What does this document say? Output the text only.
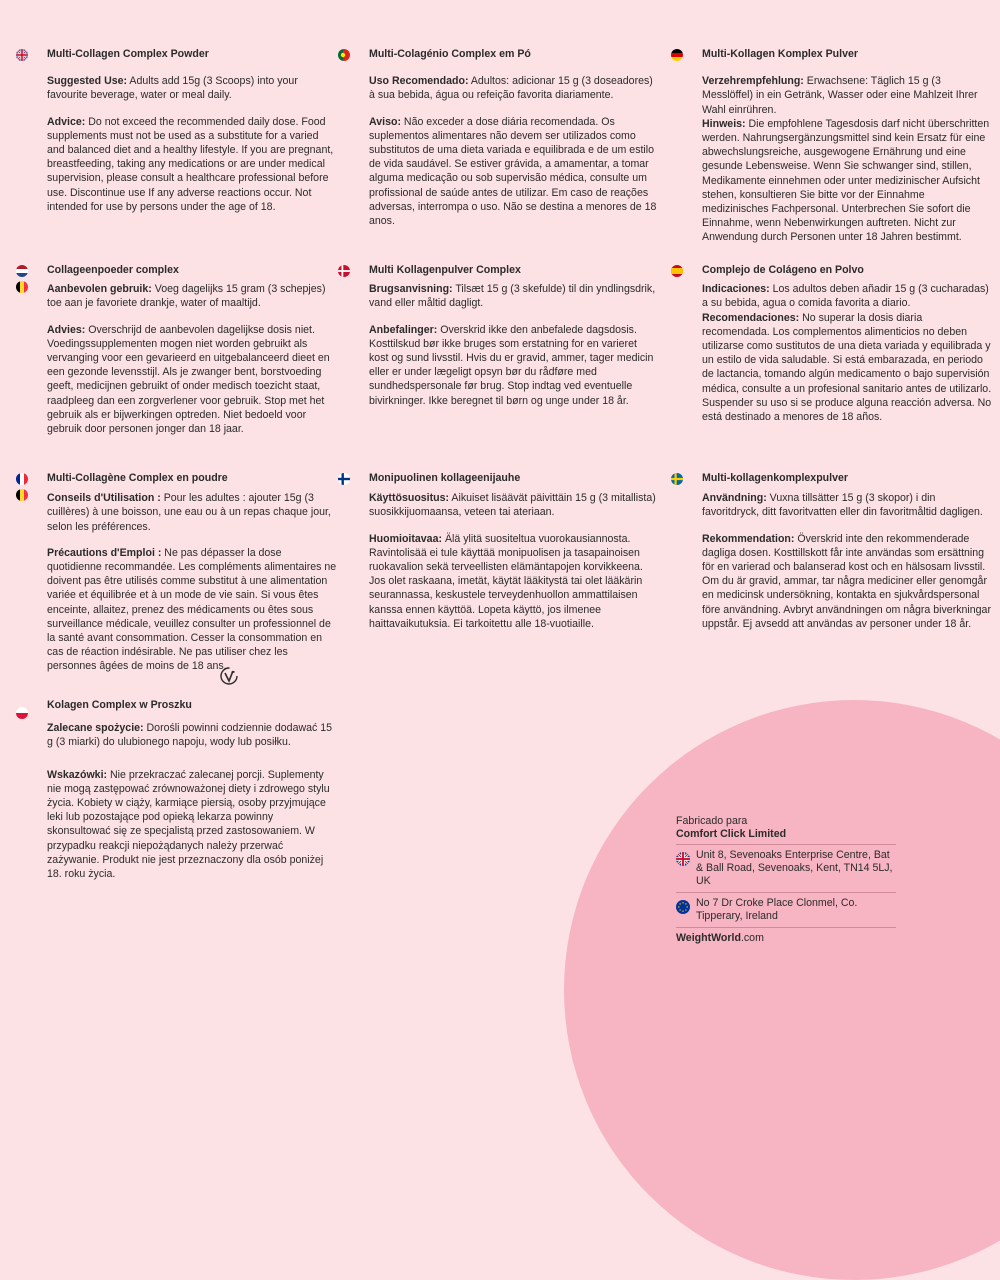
Multi-Collagen Complex Powder

Suggested Use: Adults add 15g (3 Scoops) into your favourite beverage, water or meal daily.

Advice: Do not exceed the recommended daily dose. Food supplements must not be used as a substitute for a varied and balanced diet and a healthy lifestyle. If you are pregnant, breastfeeding, taking any medications or are under medical supervision, please consult a healthcare professional before use. Discontinue use If any adverse reactions occur. Not intended for use by persons under the age of 18.

Multi-Colagénio Complex em Pó

Uso Recomendado: Adultos: adicionar 15 g (3 doseadores) à sua bebida, água ou refeição favorita diariamente.

Aviso: Não exceder a dose diária recomendada. Os suplementos alimentares não devem ser utilizados como substitutos de uma dieta variada e equilibrada e de um estilo de vida saudável. Se estiver grávida, a amamentar, a tomar alguma medicação ou sob supervisão médica, consulte um profissional de saúde antes de utilizar. Em caso de reações adversas, interrompa o uso. Não se destina a menores de 18 anos.

Multi-Kollagen Komplex Pulver

Verzehrempfehlung: Erwachsene: Täglich 15 g (3 Messlöffel) in ein Getränk, Wasser oder eine Mahlzeit Ihrer Wahl einrühren.

Hinweis: Die empfohlene Tagesdosis darf nicht überschritten werden. Nahrungsergänzungsmittel sind kein Ersatz für eine abwechslungsreiche, ausgewogene Ernährung und eine gesunde Lebensweise. Wenn Sie schwanger sind, stillen, Medikamente einnehmen oder unter medizinischer Aufsicht stehen, konsultieren Sie bitte vor der Einnahme medizinisches Fachpersonal. Unterbrechen Sie sofort die Einnahme, wenn Nebenwirkungen auftreten. Nicht zur Anwendung durch Personen unter 18 Jahren bestimmt.

Collageenpoeder complex

Aanbevolen gebruik: Voeg dagelijks 15 gram (3 schepjes) toe aan je favoriete drankje, water of maaltijd.

Advies: Overschrijd de aanbevolen dagelijkse dosis niet. Voedingssupplementen mogen niet worden gebruikt als vervanging voor een gevarieerd en uitgebalanceerd dieet en een gezonde levensstijl. Als je zwanger bent, borstvoeding geeft, medicijnen gebruikt of onder medisch toezicht staat, raadpleeg dan een zorgverlener voor gebruik. Stop met het gebruik als er bijwerkingen optreden. Niet bedoeld voor gebruik door personen jonger dan 18 jaar.

Multi Kollagenpulver Complex

Brugsanvisning: Tilsæt 15 g (3 skefulde) til din yndlingsdrik, vand eller måltid dagligt.

Anbefalinger: Overskrid ikke den anbefalede dagsdosis. Kosttilskud bør ikke bruges som erstatning for en varieret kost og sund livsstil. Hvis du er gravid, ammer, tager medicin eller er under lægeligt opsyn bør du rådføre med sundhedspersonale før brug. Stop indtag ved eventuelle bivirkninger. Ikke beregnet til børn og unge under 18 år.

Complejo de Colágeno en Polvo

Indicaciones: Los adultos deben añadir 15 g (3 cucharadas) a su bebida, agua o comida favorita a diario.

Recomendaciones: No superar la dosis diaria recomendada. Los complementos alimenticios no deben utilizarse como sustitutos de una dieta variada y equilibrada y un estilo de vida saludable. Si está embarazada, en periodo de lactancia, tomando algún medicamento o bajo supervisión médica, consulte a un profesional sanitario antes de utilizarlo. Suspender su uso si se produce alguna reacción adversa. No está destinado a menores de 18 años.

Multi-Collagène Complex en poudre

Conseils d'Utilisation : Pour les adultes : ajouter 15g (3 cuillères) à une boisson, une eau ou à un repas chaque jour, selon les préférences.

Précautions d'Emploi : Ne pas dépasser la dose quotidienne recommandée. Les compléments alimentaires ne doivent pas être utilisés comme substitut à une alimentation variée et équilibrée et à un mode de vie sain. Si vous êtes enceinte, allaitez, prenez des médicaments ou êtes sous surveillance médicale, veuillez consulter un professionnel de la santé avant consommation. Cesser la consommation en cas de réaction indésirable. Ne pas utiliser chez les personnes âgées de moins de 18 ans.

Monipuolinen kollageenijauhe

Käyttösuositus: Aikuiset lisäävät päivittäin 15 g (3 mitallista) suosikkijuomaansa, veteen tai ateriaan.

Huomioitavaa: Älä ylitä suositeltua vuorokausiannosta. Ravintolisää ei tule käyttää monipuolisen ja tasapainoisen ruokavalion sekä terveellisten elämäntapojen korvikkeena. Jos olet raskaana, imetät, käytät lääkitystä tai olet lääkärin seurannassa, keskustele terveydenhuollon ammattilaisen kanssa ennen käyttöä. Lopeta käyttö, jos ilmenee haittavaikutuksia. Ei tarkoitettu alle 18-vuotiaille.

Multi-kollagenkomplexpulver

Användning: Vuxna tillsätter 15 g (3 skopor) i din favoritdryck, ditt favoritvatten eller din favoritmåltid dagligen.

Rekommendation: Överskrid inte den rekommenderade dagliga dosen. Kosttillskott får inte användas som ersättning för en varierad och balanserad kost och en hälsosam livsstil. Om du är gravid, ammar, tar några mediciner eller genomgår en medicinsk undersökning, kontakta en sjukvårdspersonal före användning. Avbryt användningen om några biverkningar uppstår. Ej avsedd att användas av personer under 18 år.

Kolagen Complex w Proszku

Zalecane spożycie: Dorośli powinni codziennie dodawać 15 g (3 miarki) do ulubionego napoju, wody lub posiłku.

Wskazówki: Nie przekraczać zalecanej porcji. Suplementy nie mogą zastępować zrównoważonej diety i zdrowego stylu życia. Kobiety w ciąży, karmiące piersią, osoby przyjmujące leki lub pozostające pod opieką lekarza powinny skonsultować się ze specjalistą przed zastosowaniem. W przypadku reakcji niepożądanych należy przerwać zażywanie. Produkt nie jest przeznaczony dla osób poniżej 18. roku życia.

Fabricado para
Comfort Click Limited
Unit 8, Sevenoaks Enterprise Centre, Bat & Ball Road, Sevenoaks, Kent, TN14 5LJ, UK
No 7 Dr Croke Place Clonmel, Co. Tipperary, Ireland
WeightWorld.com
